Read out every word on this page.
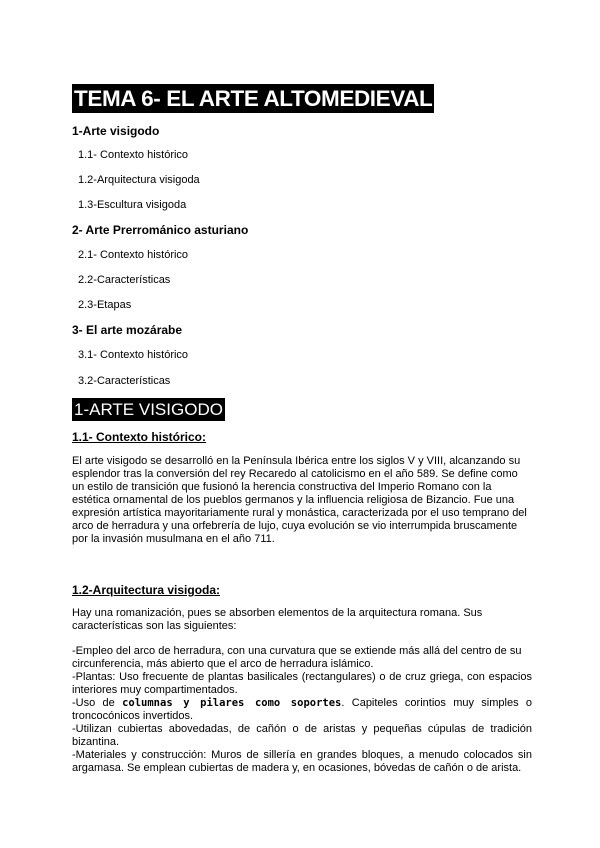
TEMA 6- EL ARTE ALTOMEDIEVAL
1-Arte visigodo
1.1- Contexto histórico
1.2-Arquitectura visigoda
1.3-Escultura visigoda
2- Arte Prerrománico asturiano
2.1- Contexto histórico
2.2-Características
2.3-Etapas
3- El arte mozárabe
3.1- Contexto histórico
3.2-Características
1-ARTE VISIGODO
1.1- Contexto histórico:

El arte visigodo se desarrolló en la Península Ibérica entre los siglos V y VIII, alcanzando su esplendor tras la conversión del rey Recaredo al catolicismo en el año 589. Se define como un estilo de transición que fusionó la herencia constructiva del Imperio Romano con la estética ornamental de los pueblos germanos y la influencia religiosa de Bizancio. Fue una expresión artística mayoritariamente rural y monástica, caracterizada por el uso temprano del arco de herradura y una orfebrería de lujo, cuya evolución se vio interrumpida bruscamente por la invasión musulmana en el año 711.

1.2-Arquitectura visigoda:

Hay una romanización, pues se absorben elementos de la arquitectura romana. Sus características son las siguientes:

-Empleo del arco de herradura, con una curvatura que se extiende más allá del centro de su circunferencia, más abierto que el arco de herradura islámico.

-Plantas: Uso frecuente de plantas basilicales (rectangulares) o de cruz griega, con espacios interiores muy compartimentados.

-Uso de columnas y pilares como soportes. Capiteles corintios muy simples o troncocónicos invertidos.

-Utilizan cubiertas abovedadas, de cañón o de aristas y pequeñas cúpulas de tradición bizantina.

-Materiales y construcción: Muros de sillería en grandes bloques, a menudo colocados sin argamasa. Se emplean cubiertas de madera y, en ocasiones, bóvedas de cañón o de arista.
